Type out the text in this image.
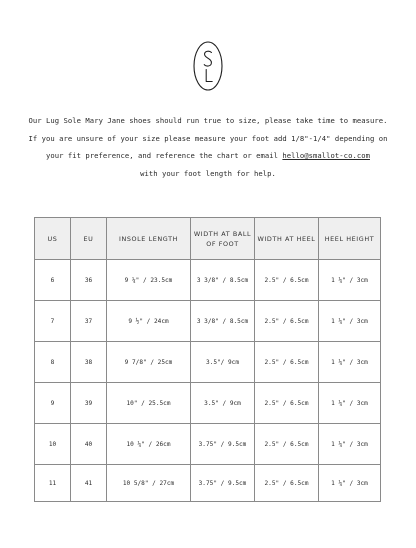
Our Lug Sole Mary Jane shoes should run true to size, please take time to measure.
If you are unsure of your size please measure your foot add 1/8"-1/4" depending on
your fit preference, and reference the chart or email hello@smallot-co.com
with your foot length for help.
US	EU	INSOLE LENGTH	WIDTH AT BALL OF FOOT	WIDTH AT HEEL	HEEL HEIGHT
6	36	9 ¼" / 23.5cm	3 3/8" / 8.5cm	2.5" / 6.5cm	1 ¼" / 3cm
7	37	9 ½" / 24cm	3 3/8" / 8.5cm	2.5" / 6.5cm	1 ¼" / 3cm
8	38	9 7/8" / 25cm	3.5"/ 9cm	2.5" / 6.5cm	1 ¼" / 3cm
9	39	10" / 25.5cm	3.5" / 9cm	2.5" / 6.5cm	1 ¼" / 3cm
10	40	10 ¼" / 26cm	3.75" / 9.5cm	2.5" / 6.5cm	1 ¼" / 3cm
11	41	10 5/8" / 27cm	3.75" / 9.5cm	2.5" / 6.5cm	1 ¼" / 3cm
